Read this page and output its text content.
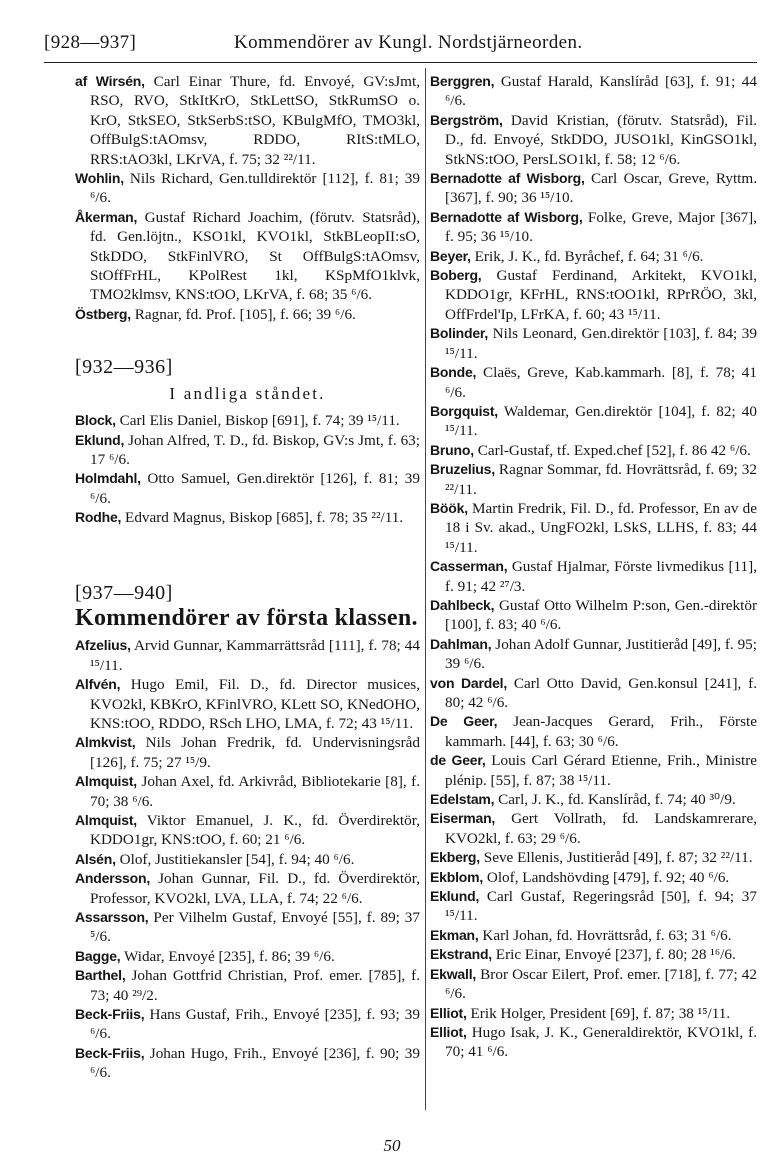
[928—937]	Kommendörer av Kungl. Nordstjärneorden.

af Wirsén, Carl Einar Thure, fd. Envoyé, GV:sJmt, RSO, RVO, StkItKrO, StkLettSO, StkRumSO o. KrO, StkSEO, StkSerbS:tSO, KBulgMfO, TMO3kl, OffBulgS:tAOmsv, RDDO, RItS:tMLO, RRS:tAO3kl, LKrVA, f. 75; 32 ²²/11.

Wohlin, Nils Richard, Gen.tulldirektör [112], f. 81; 39 ⁶/6.

Åkerman, Gustaf Richard Joachim, (förutv. Statsråd), fd. Gen.löjtn., KSO1kl, KVO1kl, StkBLeopII:sO, StkDDO, StkFinlVRO, St OffBulgS:tAOmsv, StOffFrHL, KPolRest 1kl, KSpMfO1klvk, TMO2klmsv, KNS:tOO, LKrVA, f. 68; 35 ⁶/6.

Östberg, Ragnar, fd. Prof. [105], f. 66; 39 ⁶/6.

[932—936]
I andliga ståndet.

Block, Carl Elis Daniel, Biskop [691], f. 74; 39 ¹⁵/11.

Eklund, Johan Alfred, T. D., fd. Biskop, GV:s Jmt, f. 63; 17 ⁶/6.

Holmdahl, Otto Samuel, Gen.direktör [126], f. 81; 39 ⁶/6.

Rodhe, Edvard Magnus, Biskop [685], f. 78; 35 ²²/11.

[937—940]
Kommendörer av första klassen.

Afzelius, Arvid Gunnar, Kammarrättsråd [111], f. 78; 44 ¹⁵/11.

Alfvén, Hugo Emil, Fil. D., fd. Director musices, KVO2kl, KBKrO, KFinlVRO, KLett SO, KNedOHO, KNS:tOO, RDDO, RSch LHO, LMA, f. 72; 43 ¹⁵/11.

Almkvist, Nils Johan Fredrik, fd. Undervisningsråd [126], f. 75; 27 ¹⁵/9.

Almquist, Johan Axel, fd. Arkivråd, Bibliotekarie [8], f. 70; 38 ⁶/6.

Almquist, Viktor Emanuel, J. K., fd. Överdirektör, KDDO1gr, KNS:tOO, f. 60; 21 ⁶/6.

Alsén, Olof, Justitiekansler [54], f. 94; 40 ⁶/6.

Andersson, Johan Gunnar, Fil. D., fd. Överdirektör, Professor, KVO2kl, LVA, LLA, f. 74; 22 ⁶/6.

Assarsson, Per Vilhelm Gustaf, Envoyé [55], f. 89; 37 ⁵/6.

Bagge, Widar, Envoyé [235], f. 86; 39 ⁶/6.

Barthel, Johan Gottfrid Christian, Prof. emer. [785], f. 73; 40 ²⁹/2.

Beck-Friis, Hans Gustaf, Frih., Envoyé [235], f. 93; 39 ⁶/6.

Beck-Friis, Johan Hugo, Frih., Envoyé [236], f. 90; 39 ⁶/6.

Berggren, Gustaf Harald, Kanslíråd [63], f. 91; 44 ⁶/6.

Bergström, David Kristian, (förutv. Statsråd), Fil. D., fd. Envoyé, StkDDO, JUSO1kl, KinGSO1kl, StkNS:tOO, PersLSO1kl, f. 58; 12 ⁶/6.

Bernadotte af Wisborg, Carl Oscar, Greve, Ryttm. [367], f. 90; 36 ¹⁵/10.

Bernadotte af Wisborg, Folke, Greve, Major [367], f. 95; 36 ¹⁵/10.

Beyer, Erik, J. K., fd. Byråchef, f. 64; 31 ⁶/6.

Boberg, Gustaf Ferdinand, Arkitekt, KVO1kl, KDDO1gr, KFrHL, RNS:tOO1kl, RPrRÖO, 3kl, OffFrdel'Ip, LFrKA, f. 60; 43 ¹⁵/11.

Bolinder, Nils Leonard, Gen.direktör [103], f. 84; 39 ¹⁵/11.

Bonde, Claës, Greve, Kab.kammarh. [8], f. 78; 41 ⁶/6.

Borgquist, Waldemar, Gen.direktör [104], f. 82; 40 ¹⁵/11.

Bruno, Carl-Gustaf, tf. Exped.chef [52], f. 86 42 ⁶/6.

Bruzelius, Ragnar Sommar, fd. Hovrättsråd, f. 69; 32 ²²/11.

Böök, Martin Fredrik, Fil. D., fd. Professor, En av de 18 i Sv. akad., UngFO2kl, LSkS, LLHS, f. 83; 44 ¹⁵/11.

Casserman, Gustaf Hjalmar, Förste livmedikus [11], f. 91; 42 ²⁷/3.

Dahlbeck, Gustaf Otto Wilhelm P:son, Gen.-direktör [100], f. 83; 40 ⁶/6.

Dahlman, Johan Adolf Gunnar, Justitieråd [49], f. 95; 39 ⁶/6.

von Dardel, Carl Otto David, Gen.konsul [241], f. 80; 42 ⁶/6.

De Geer, Jean-Jacques Gerard, Frih., Förste kammarh. [44], f. 63; 30 ⁶/6.

de Geer, Louis Carl Gérard Etienne, Frih., Ministre plénip. [55], f. 87; 38 ¹⁵/11.

Edelstam, Carl, J. K., fd. Kanslíråd, f. 74; 40 ³⁰/9.

Eiserman, Gert Vollrath, fd. Landskamrerare, KVO2kl, f. 63; 29 ⁶/6.

Ekberg, Seve Ellenis, Justitieråd [49], f. 87; 32 ²²/11.

Ekblom, Olof, Landshövding [479], f. 92; 40 ⁶/6.

Eklund, Carl Gustaf, Regeringsråd [50], f. 94; 37 ¹⁵/11.

Ekman, Karl Johan, fd. Hovrättsråd, f. 63; 31 ⁶/6.

Ekstrand, Eric Einar, Envoyé [237], f. 80; 28 ¹⁶/6.

Ekwall, Bror Oscar Eilert, Prof. emer. [718], f. 77; 42 ⁶/6.

Elliot, Erik Holger, President [69], f. 87; 38 ¹⁵/11.

Elliot, Hugo Isak, J. K., Generaldirektör, KVO1kl, f. 70; 41 ⁶/6.

50
